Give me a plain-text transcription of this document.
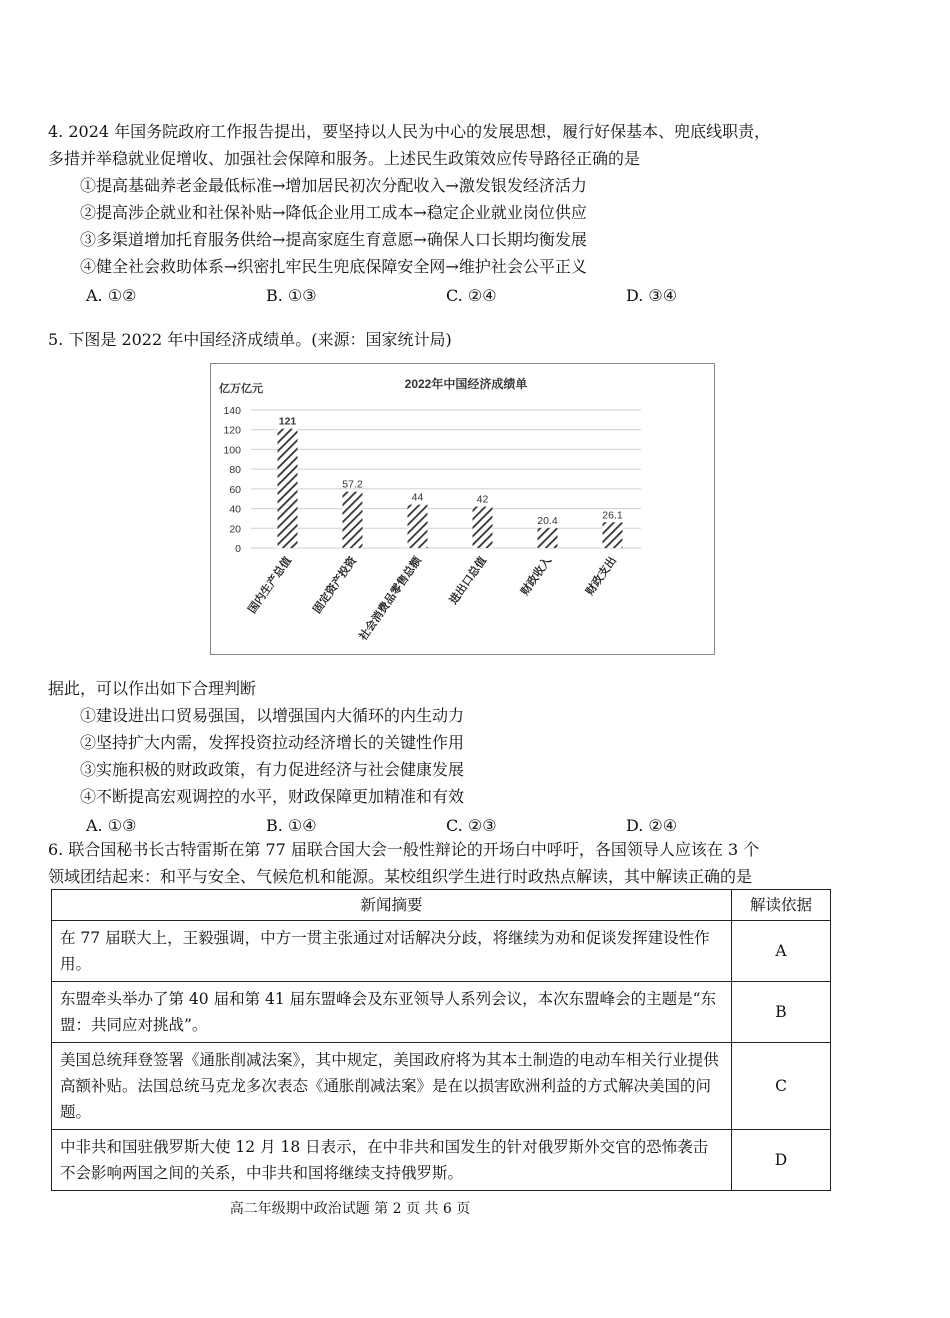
4. 2024 年国务院政府工作报告提出，要坚持以人民为中心的发展思想，履行好保基本、兜底线职责，

多措并举稳就业促增收、加强社会保障和服务。上述民生政策效应传导路径正确的是

①提高基础养老金最低标准→增加居民初次分配收入→激发银发经济活力

②提高涉企就业和社保补贴→降低企业用工成本→稳定企业就业岗位供应

③多渠道增加托育服务供给→提高家庭生育意愿→确保人口长期均衡发展

④健全社会救助体系→织密扎牢民生兜底保障安全网→维护社会公平正义

A. ①②	B. ①③	C. ②④	D. ③④

5. 下图是 2022 年中国经济成绩单。(来源：国家统计局)

2022年中国经济成绩单
亿万亿元
0
20
40
60
80
100
120
140
121
国内生产总值
57.2
固定资产投资
44
社会消费品零售总额
42
进出口总值
20.4
财政收入
26.1
财政支出

据此，可以作出如下合理判断

①建设进出口贸易强国，以增强国内大循环的内生动力

②坚持扩大内需，发挥投资拉动经济增长的关键性作用

③实施积极的财政政策，有力促进经济与社会健康发展

④不断提高宏观调控的水平，财政保障更加精准和有效

A. ①③	B. ①④	C. ②③	D. ②④

6. 联合国秘书长古特雷斯在第 77 届联合国大会一般性辩论的开场白中呼吁，各国领导人应该在 3 个

领域团结起来：和平与安全、气候危机和能源。某校组织学生进行时政热点解读，其中解读正确的是

新闻摘要	解读依据
在 77 届联大上，王毅强调，中方一贯主张通过对话解决分歧，将继续为劝和促谈发挥建设性作用。	A
东盟牵头举办了第 40 届和第 41 届东盟峰会及东亚领导人系列会议，本次东盟峰会的主题是“东盟：共同应对挑战”。	B
美国总统拜登签署《通胀削减法案》，其中规定，美国政府将为其本土制造的电动车相关行业提供高额补贴。法国总统马克龙多次表态《通胀削减法案》是在以损害欧洲利益的方式解决美国的问题。	C
中非共和国驻俄罗斯大使 12 月 18 日表示，在中非共和国发生的针对俄罗斯外交官的恐怖袭击不会影响两国之间的关系，中非共和国将继续支持俄罗斯。	D
高二年级期中政治试题 第 2 页 共 6 页
